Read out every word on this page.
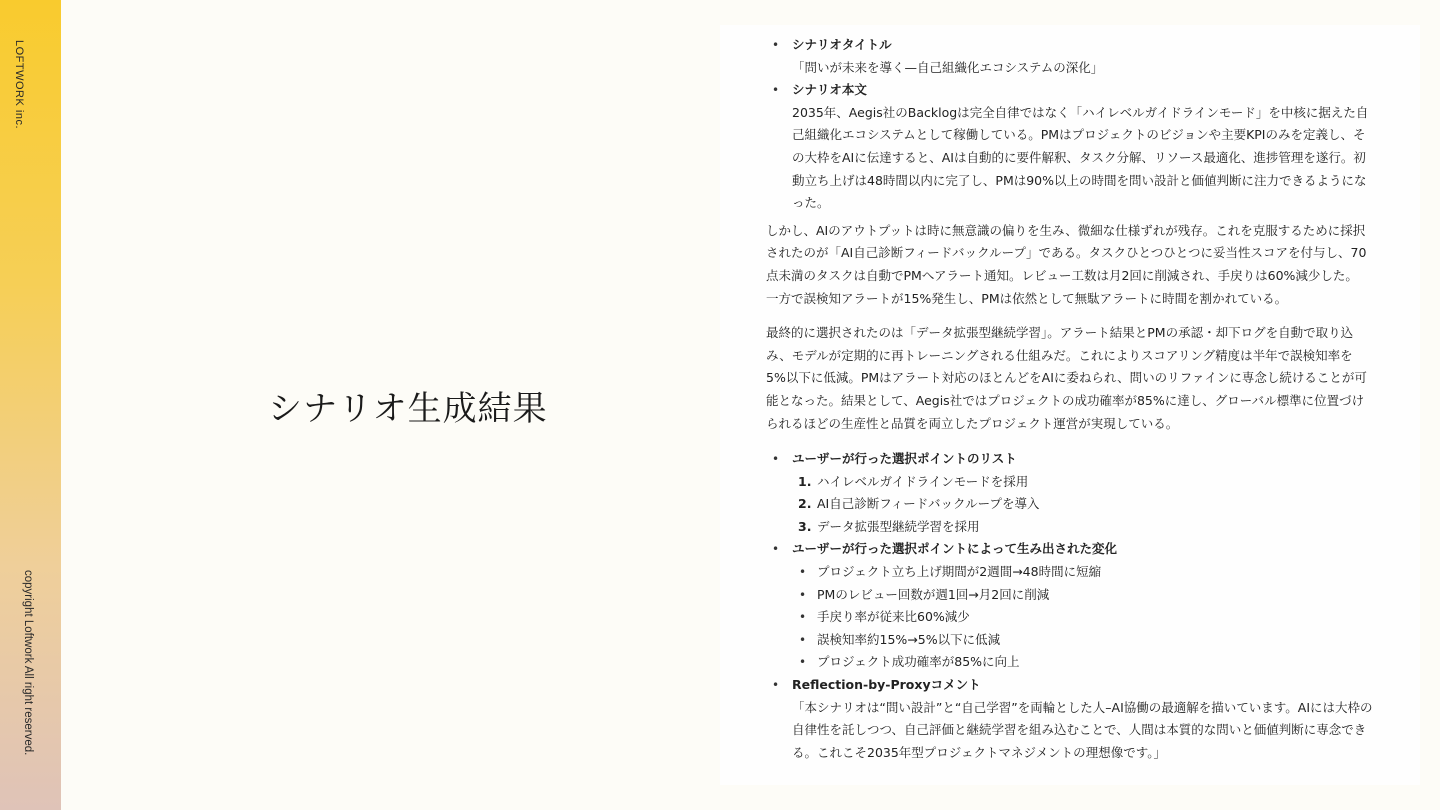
LOFTWORK inc.
copyright Loftwork All right reserved.
シナリオ生成結果
• シナリオタイトル
「問いが未来を導く—自己組織化エコシステムの深化」
• シナリオ本文
2035年、Aegis社のBacklogは完全自律ではなく「ハイレベルガイドラインモード」を中核に据えた自
己組織化エコシステムとして稼働している。PMはプロジェクトのビジョンや主要KPIのみを定義し、そ
の大枠をAIに伝達すると、AIは自動的に要件解釈、タスク分解、リソース最適化、進捗管理を遂行。初
動立ち上げは48時間以内に完了し、PMは90%以上の時間を問い設計と価値判断に注力できるようにな
った。

しかし、AIのアウトプットは時に無意識の偏りを生み、微細な仕様ずれが残存。これを克服するために採択
されたのが「AI自己診断フィードバックループ」である。タスクひとつひとつに妥当性スコアを付与し、70
点未満のタスクは自動でPMへアラート通知。レビュー工数は月2回に削減され、手戻りは60%減少した。
一方で誤検知アラートが15%発生し、PMは依然として無駄アラートに時間を割かれている。

最終的に選択されたのは「データ拡張型継続学習」。アラート結果とPMの承認・却下ログを自動で取り込
み、モデルが定期的に再トレーニングされる仕組みだ。これによりスコアリング精度は半年で誤検知率を
5%以下に低減。PMはアラート対応のほとんどをAIに委ねられ、問いのリファインに専念し続けることが可
能となった。結果として、Aegis社ではプロジェクトの成功確率が85%に達し、グローバル標準に位置づけ
られるほどの生産性と品質を両立したプロジェクト運営が実現している。

• ユーザーが行った選択ポイントのリスト
1. ハイレベルガイドラインモードを採用
2. AI自己診断フィードバックループを導入
3. データ拡張型継続学習を採用
• ユーザーが行った選択ポイントによって生み出された変化
• プロジェクト立ち上げ期間が2週間→48時間に短縮
• PMのレビュー回数が週1回→月2回に削減
• 手戻り率が従来比60%減少
• 誤検知率約15%→5%以下に低減
• プロジェクト成功確率が85%に向上
• Reflection-by-Proxyコメント
「本シナリオは“問い設計”と“自己学習”を両輪とした人–AI協働の最適解を描いています。AIには大枠の
自律性を託しつつ、自己評価と継続学習を組み込むことで、人間は本質的な問いと価値判断に専念でき
る。これこそ2035年型プロジェクトマネジメントの理想像です。」
